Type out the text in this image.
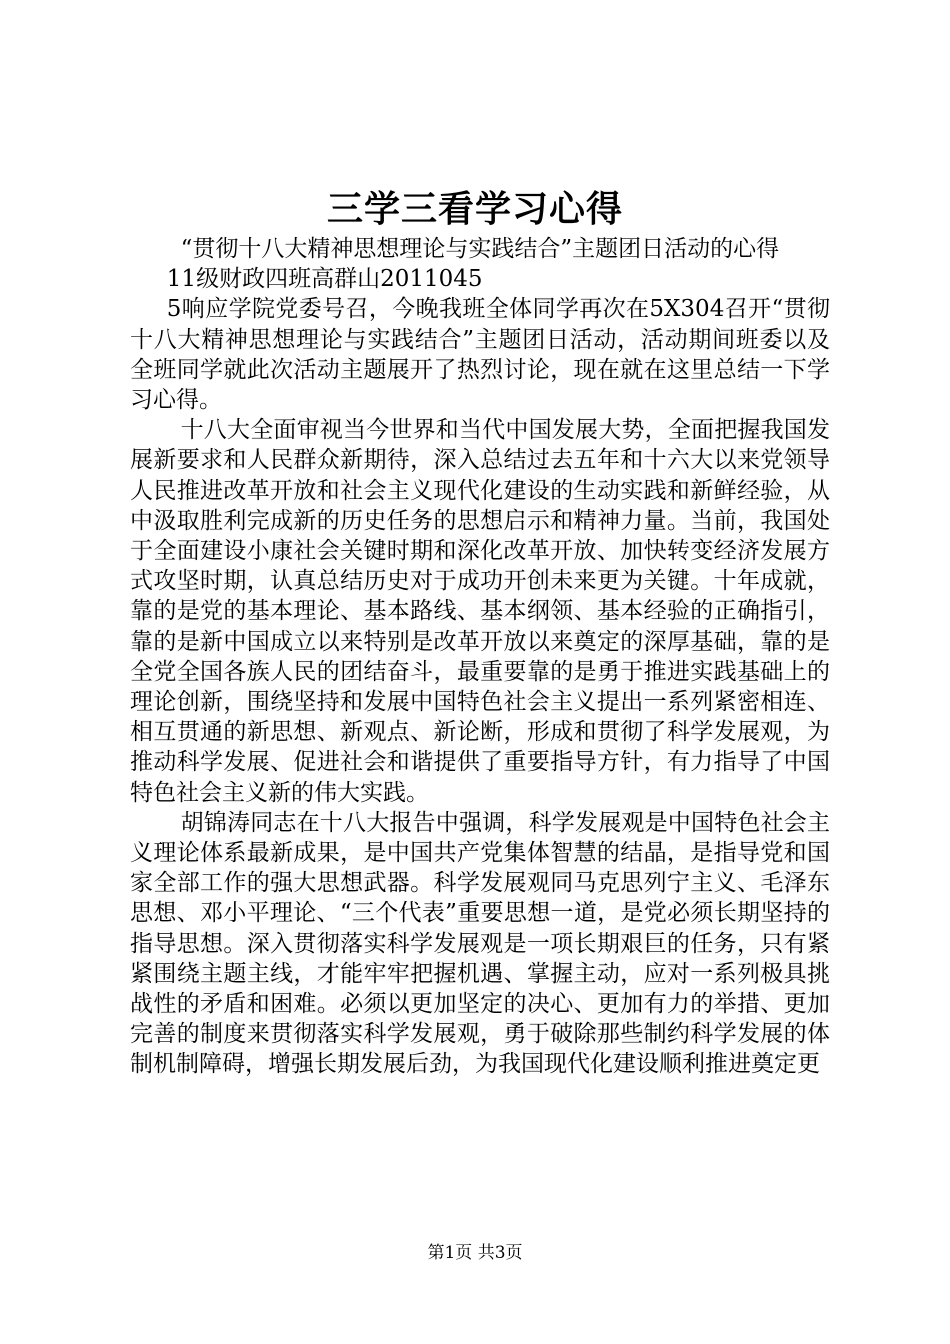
三学三看学习心得

“贯彻十八大精神思想理论与实践结合”主题团日活动的心得

11级财政四班高群山2011045

5响应学院党委号召，今晚我班全体同学再次在5X304召开“贯彻十八大精神思想理论与实践结合”主题团日活动，活动期间班委以及全班同学就此次活动主题展开了热烈讨论，现在就在这里总结一下学习心得。

十八大全面审视当今世界和当代中国发展大势，全面把握我国发展新要求和人民群众新期待，深入总结过去五年和十六大以来党领导人民推进改革开放和社会主义现代化建设的生动实践和新鲜经验，从中汲取胜利完成新的历史任务的思想启示和精神力量。当前，我国处于全面建设小康社会关键时期和深化改革开放、加快转变经济发展方式攻坚时期，认真总结历史对于成功开创未来更为关键。十年成就，靠的是党的基本理论、基本路线、基本纲领、基本经验的正确指引，靠的是新中国成立以来特别是改革开放以来奠定的深厚基础，靠的是全党全国各族人民的团结奋斗，最重要靠的是勇于推进实践基础上的理论创新，围绕坚持和发展中国特色社会主义提出一系列紧密相连、相互贯通的新思想、新观点、新论断，形成和贯彻了科学发展观，为推动科学发展、促进社会和谐提供了重要指导方针，有力指导了中国特色社会主义新的伟大实践。

胡锦涛同志在十八大报告中强调，科学发展观是中国特色社会主义理论体系最新成果，是中国共产党集体智慧的结晶，是指导党和国家全部工作的强大思想武器。科学发展观同马克思列宁主义、毛泽东思想、邓小平理论、“三个代表”重要思想一道，是党必须长期坚持的指导思想。深入贯彻落实科学发展观是一项长期艰巨的任务，只有紧紧围绕主题主线，才能牢牢把握机遇、掌握主动，应对一系列极具挑战性的矛盾和困难。必须以更加坚定的决心、更加有力的举措、更加完善的制度来贯彻落实科学发展观，勇于破除那些制约科学发展的体制机制障碍，增强长期发展后劲，为我国现代化建设顺利推进奠定更

第1页 共3页
